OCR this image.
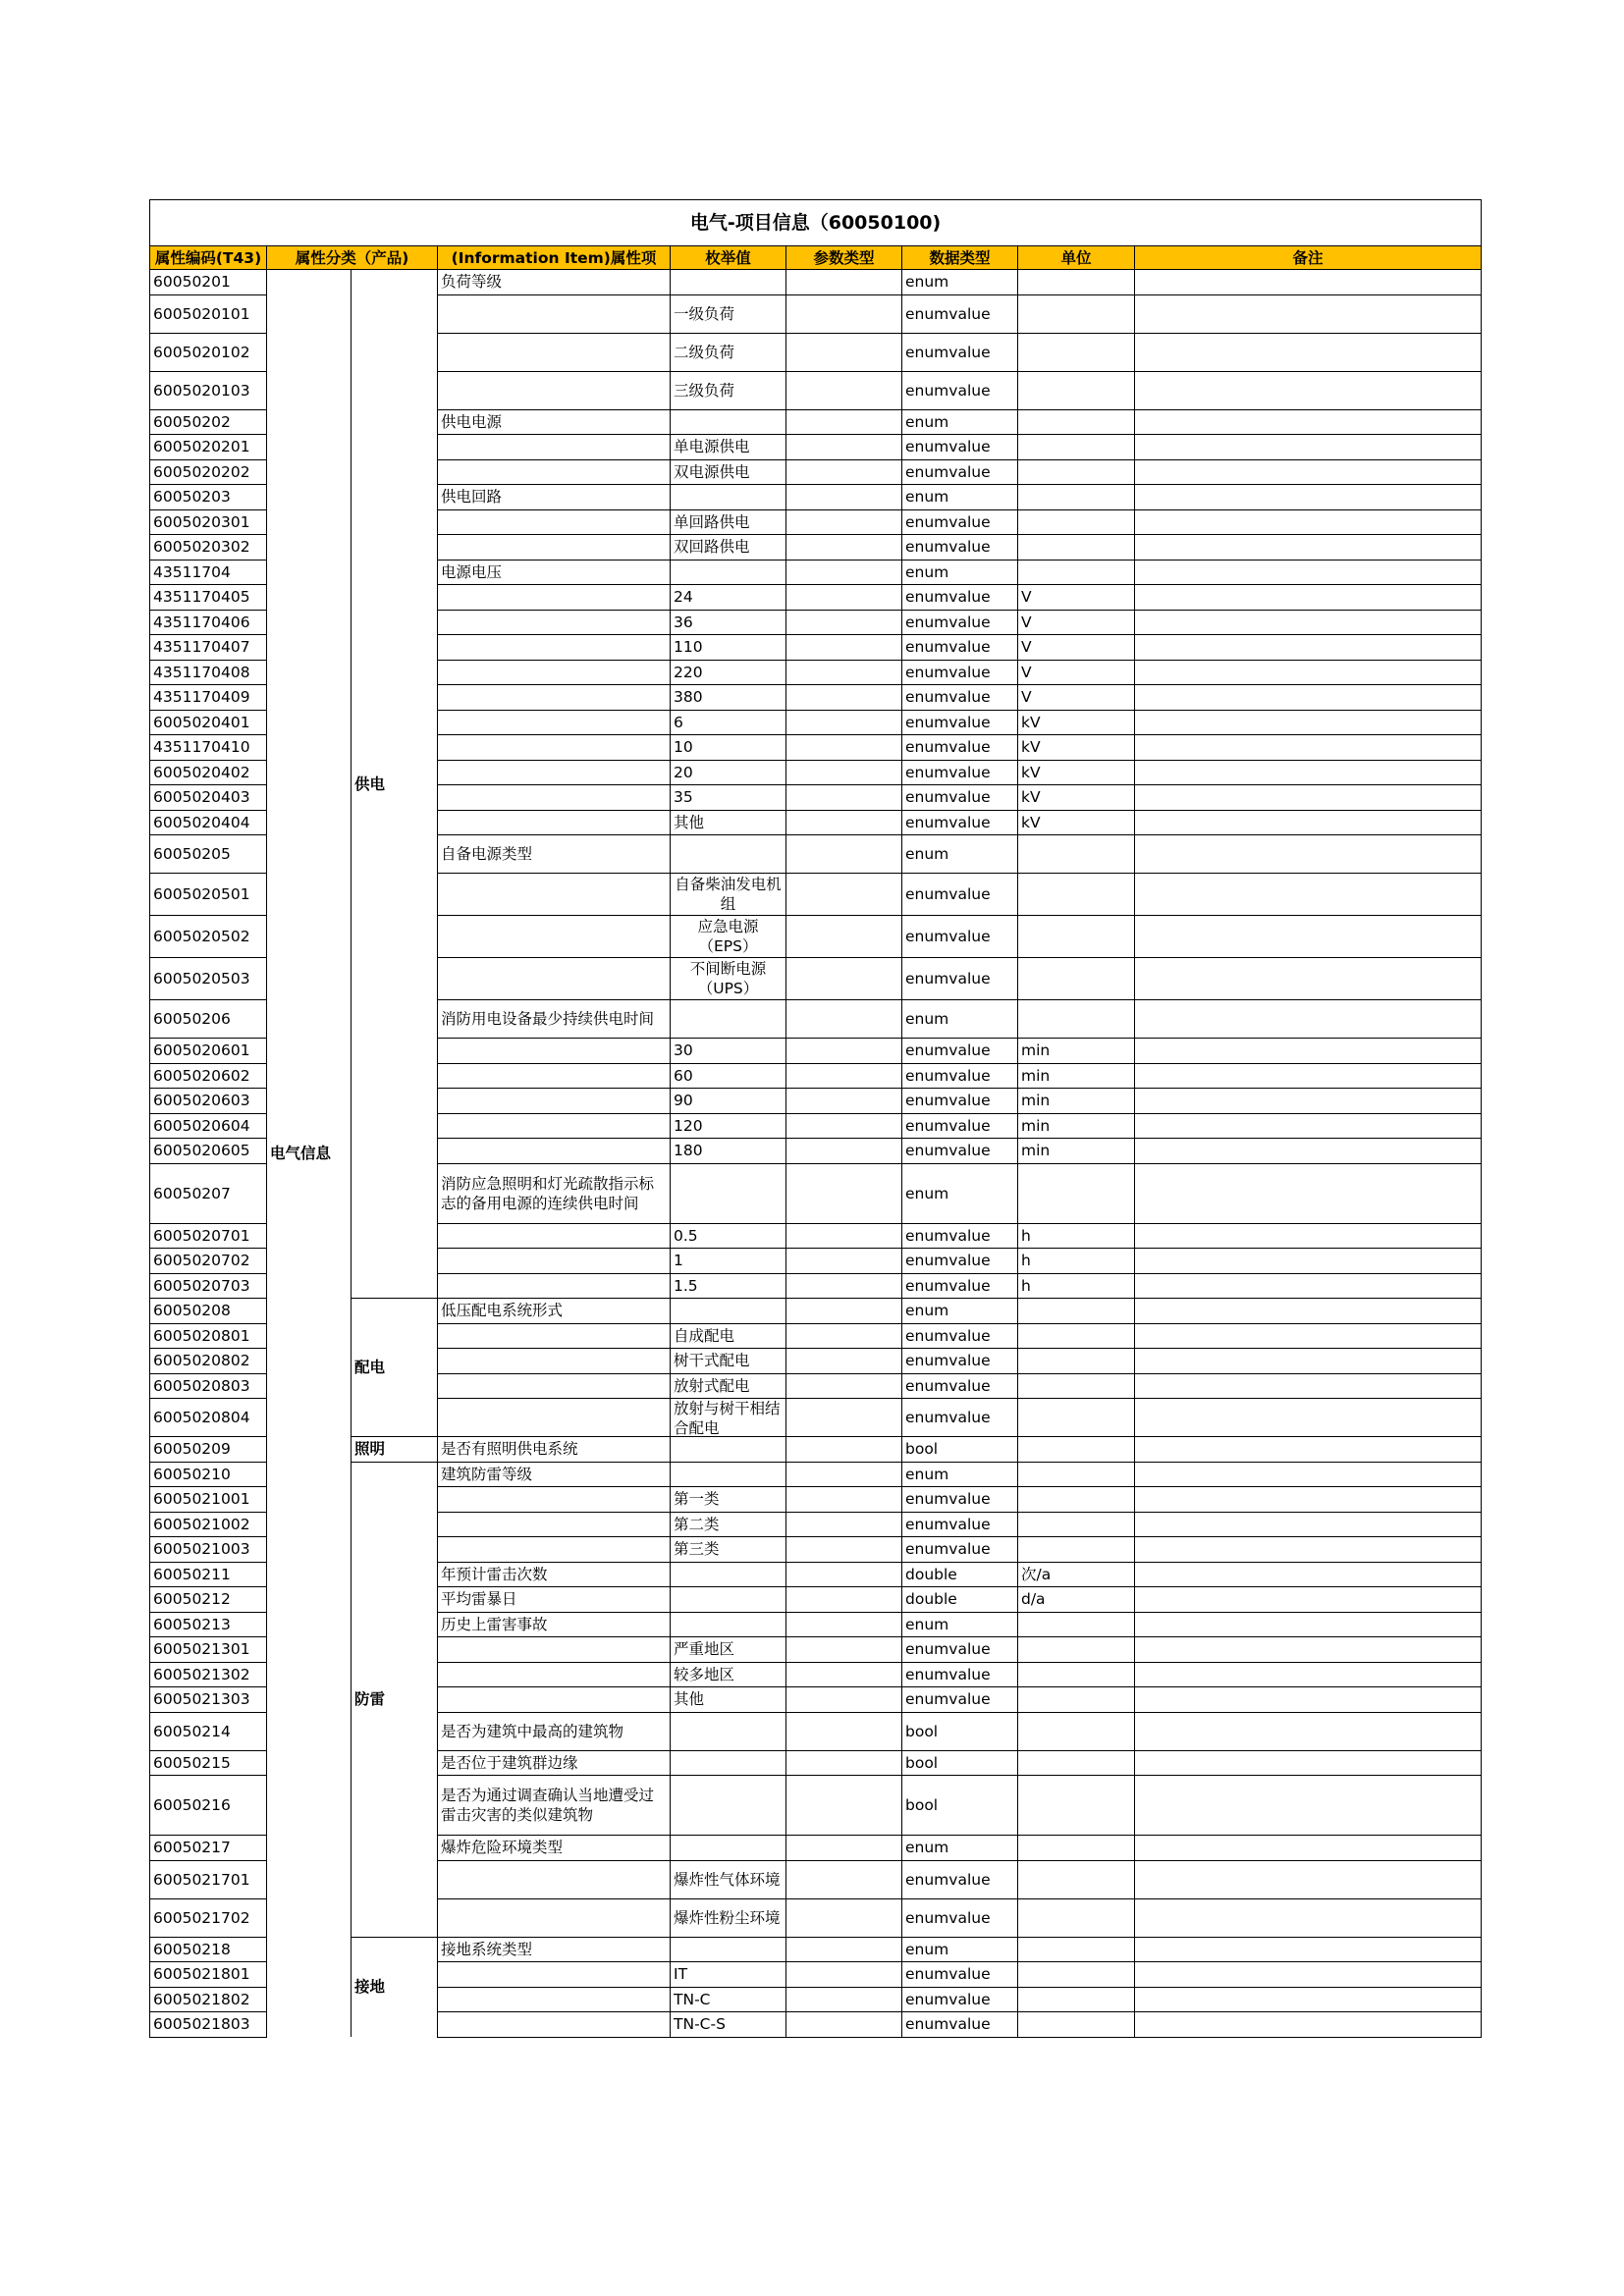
电气-项目信息（60050100)								
属性编码(T43)	属性分类（产品)		(Information Item)属性项	枚举值	参数类型	数据类型	单位	备注
60050201	电气信息	供电	负荷等级			enum		
6005020101				一级负荷		enumvalue		
6005020102				二级负荷		enumvalue		
6005020103				三级负荷		enumvalue		
60050202			供电电源			enum		
6005020201				单电源供电		enumvalue		
6005020202				双电源供电		enumvalue		
60050203			供电回路			enum		
6005020301				单回路供电		enumvalue		
6005020302				双回路供电		enumvalue		
43511704			电源电压			enum		
4351170405				24		enumvalue	V	
4351170406				36		enumvalue	V	
4351170407				110		enumvalue	V	
4351170408				220		enumvalue	V	
4351170409				380		enumvalue	V	
6005020401				6		enumvalue	kV	
4351170410				10		enumvalue	kV	
6005020402				20		enumvalue	kV	
6005020403				35		enumvalue	kV	
6005020404				其他		enumvalue	kV	
60050205			自备电源类型			enum		
6005020501				自备柴油发电机组		enumvalue		
6005020502				应急电源（EPS）		enumvalue		
6005020503				不间断电源（UPS）		enumvalue		
60050206			消防用电设备最少持续供电时间			enum		
6005020601				30		enumvalue	min	
6005020602				60		enumvalue	min	
6005020603				90		enumvalue	min	
6005020604				120		enumvalue	min	
6005020605				180		enumvalue	min	
60050207			消防应急照明和灯光疏散指示标志的备用电源的连续供电时间			enum		
6005020701				0.5		enumvalue	h	
6005020702				1		enumvalue	h	
6005020703				1.5		enumvalue	h	
60050208		配电	低压配电系统形式			enum		
6005020801				自成配电		enumvalue		
6005020802				树干式配电		enumvalue		
6005020803				放射式配电		enumvalue		
6005020804				放射与树干相结合配电		enumvalue		
60050209		照明	是否有照明供电系统			bool		
60050210		防雷	建筑防雷等级			enum		
6005021001				第一类		enumvalue		
6005021002				第二类		enumvalue		
6005021003				第三类		enumvalue		
60050211			年预计雷击次数			double	次/a	
60050212			平均雷暴日			double	d/a	
60050213			历史上雷害事故			enum		
6005021301				严重地区		enumvalue		
6005021302				较多地区		enumvalue		
6005021303				其他		enumvalue		
60050214			是否为建筑中最高的建筑物			bool		
60050215			是否位于建筑群边缘			bool		
60050216			是否为通过调查确认当地遭受过雷击灾害的类似建筑物			bool		
60050217			爆炸危险环境类型			enum		
6005021701				爆炸性气体环境		enumvalue		
6005021702				爆炸性粉尘环境		enumvalue		
60050218		接地	接地系统类型			enum		
6005021801				IT		enumvalue		
6005021802				TN-C		enumvalue		
6005021803				TN-C-S		enumvalue		
